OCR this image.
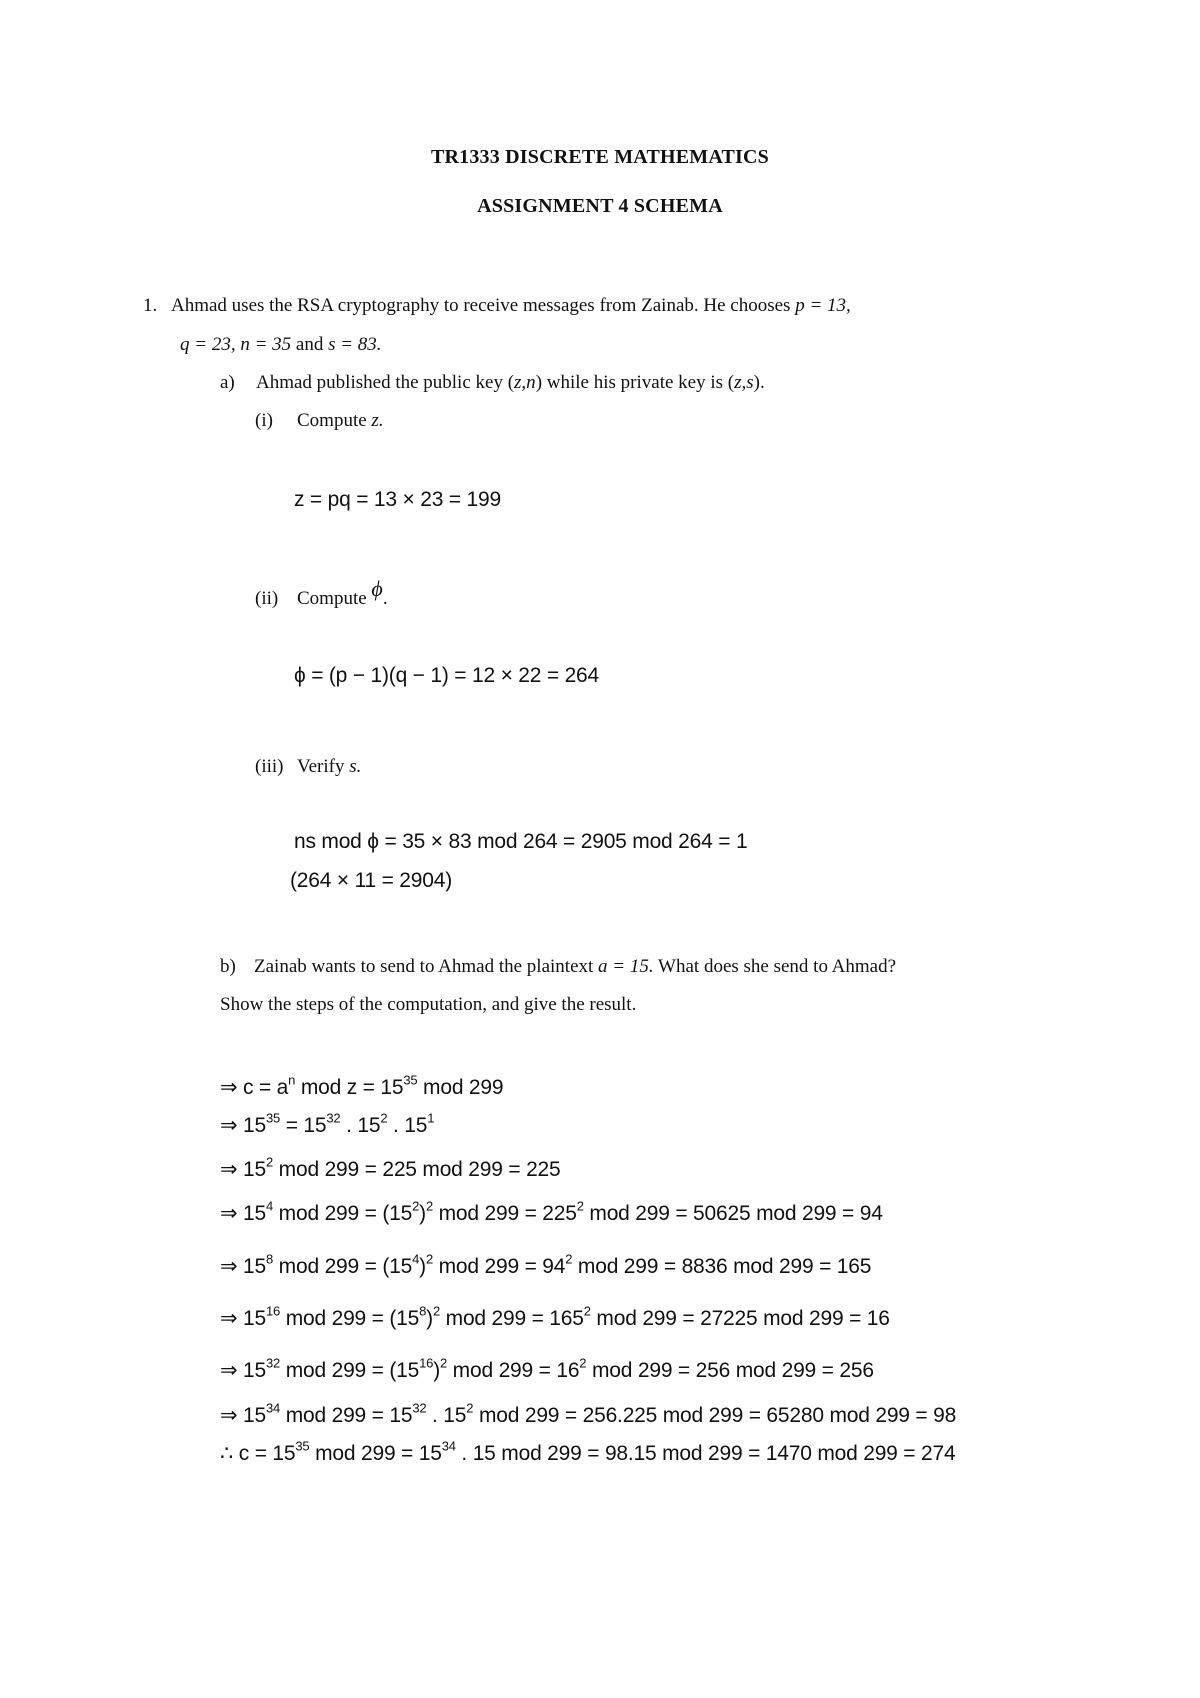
TR1333 DISCRETE MATHEMATICS
ASSIGNMENT 4 SCHEMA
1. Ahmad uses the RSA cryptography to receive messages from Zainab. He chooses p = 13,
q = 23, n = 35 and s = 83.
a) Ahmad published the public key (z,n) while his private key is (z,s).
(i) Compute z.
z = pq = 13 × 23 = 199
(ii) Compute ϕ.
ϕ = (p − 1)(q − 1) = 12 × 22 = 264
(iii) Verify s.
ns mod ϕ = 35 × 83 mod 264 = 2905 mod 264 = 1
(264 × 11 = 2904)
b) Zainab wants to send to Ahmad the plaintext a = 15. What does she send to Ahmad?
Show the steps of the computation, and give the result.
⇒ $c = a^n$ mod $z = 15^{35}$ mod 299
⇒ $15^{35} = 15^{32}$ . $15^2$ . $15^1$
⇒ $15^2$ mod 299 = 225 mod 299 = 225
⇒ $15^4$ mod $299 = (15^2)^2$ mod $299 = 225^2$ mod 299 = 50625 mod 299 = 94
⇒ $15^8$ mod $299 = (15^4)^2$ mod $299 = 94^2$ mod 299 = 8836 mod 299 = 165
⇒ $15^{16}$ mod $299 = (15^8)^2$ mod $299 = 165^2$ mod 299 = 27225 mod 299 = 16
⇒ $15^{32}$ mod $299 = (15^{16})^2$ mod $299 = 16^2$ mod 299 = 256 mod 299 = 256
⇒ $15^{34}$ mod $299 = 15^{32}$ . $15^2$ mod 299 = 256.225 mod 299 = 65280 mod 299 = 98
∴ $c = 15^{35}$ mod $299 = 15^{34}$ . 15 mod 299 = 98.15 mod 299 = 1470 mod 299 = 274
